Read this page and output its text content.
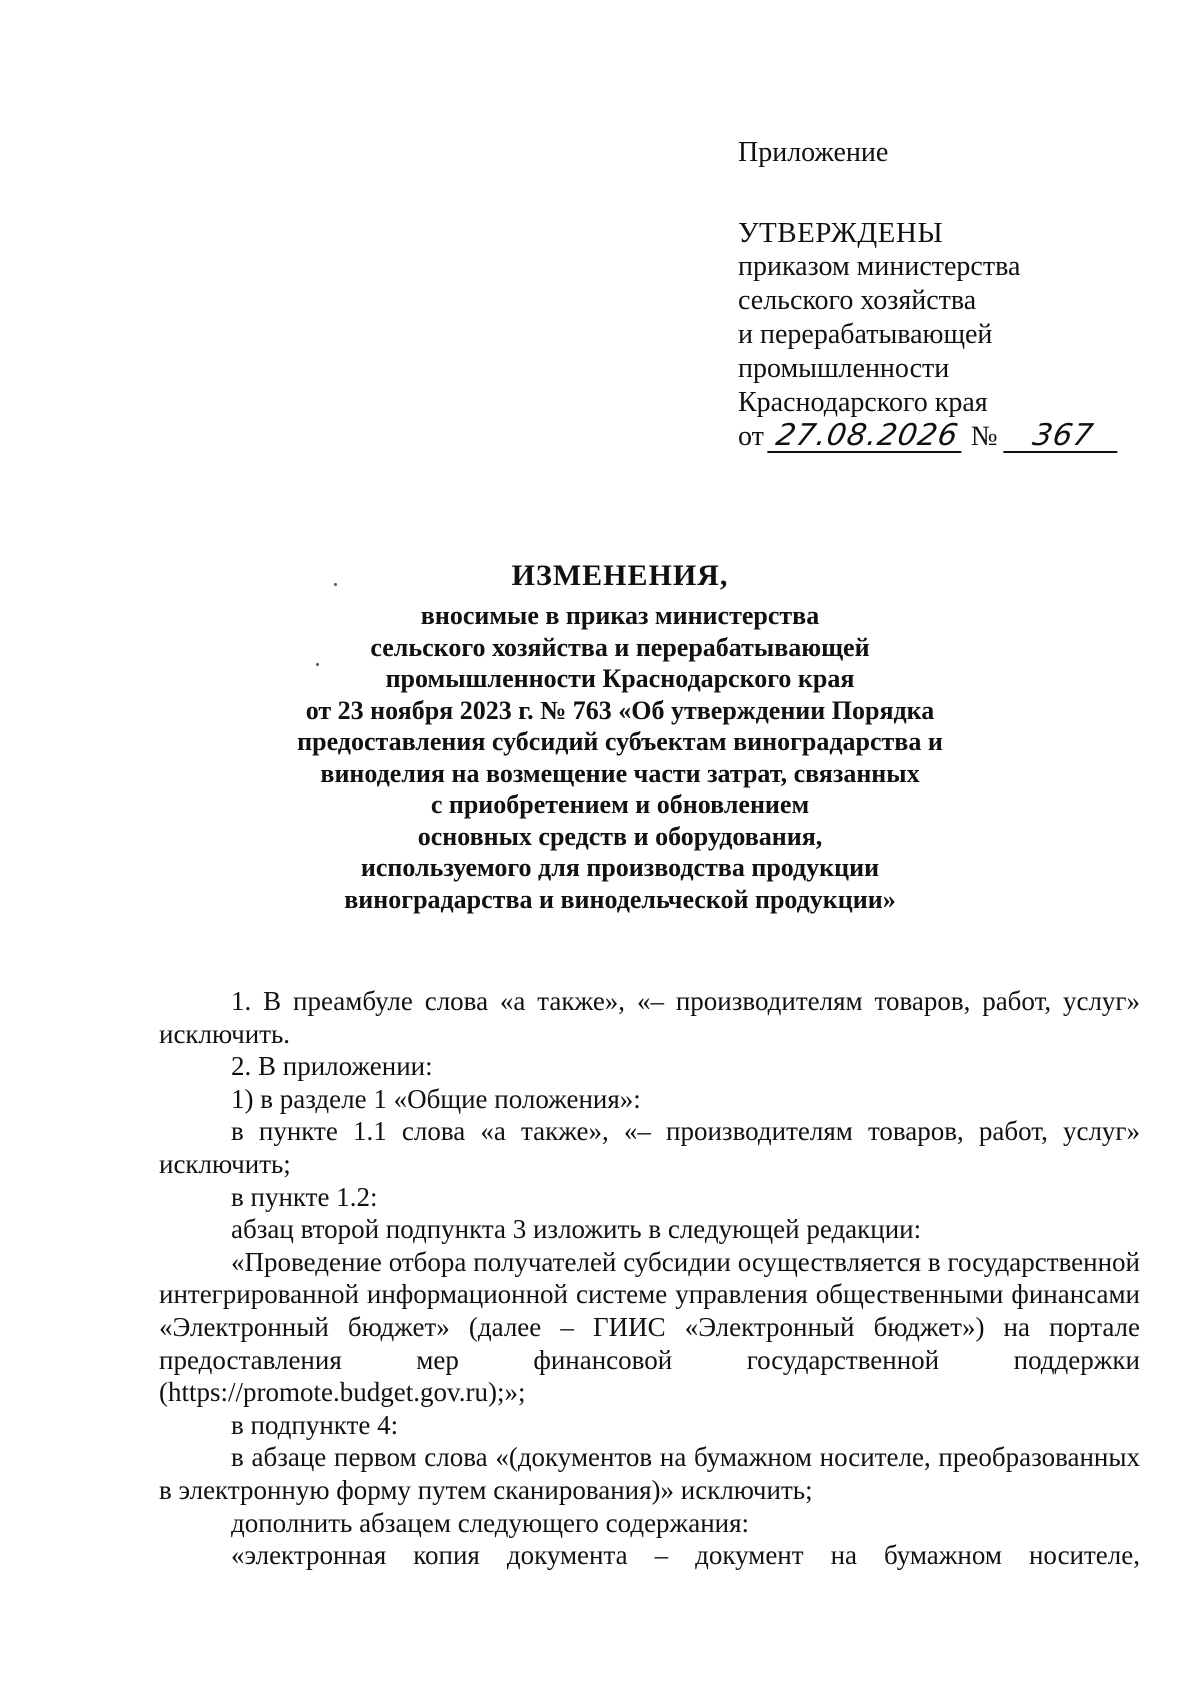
Приложение

УТВЕРЖДЕНЫ

приказом министерства

сельского хозяйства

и перерабатывающей

промышленности

Краснодарского края

от 27.08.2026 № 367

ИЗМЕНЕНИЯ,

вносимые в приказ министерства

сельского хозяйства и перерабатывающей

промышленности Краснодарского края

от 23 ноября 2023 г. № 763 «Об утверждении Порядка

предоставления субсидий субъектам виноградарства и

виноделия на возмещение части затрат, связанных

с приобретением и обновлением

основных средств и оборудования,

используемого для производства продукции

виноградарства и винодельческой продукции»

1. В преамбуле слова «а также», «– производителям товаров, работ, услуг» исключить.

2. В приложении:

1) в разделе 1 «Общие положения»:

в пункте 1.1 слова «а также», «– производителям товаров, работ, услуг» исключить;

в пункте 1.2:

абзац второй подпункта 3 изложить в следующей редакции:

«Проведение отбора получателей субсидии осуществляется в государственной интегрированной информационной системе управления общественными финансами «Электронный бюджет» (далее – ГИИС «Электронный бюджет») на портале предоставления мер финансовой государственной поддержки (https://promote.budget.gov.ru);»;

в подпункте 4:

в абзаце первом слова «(документов на бумажном носителе, преобразованных в электронную форму путем сканирования)» исключить;

дополнить абзацем следующего содержания:

«электронная копия документа – документ на бумажном носителе,
